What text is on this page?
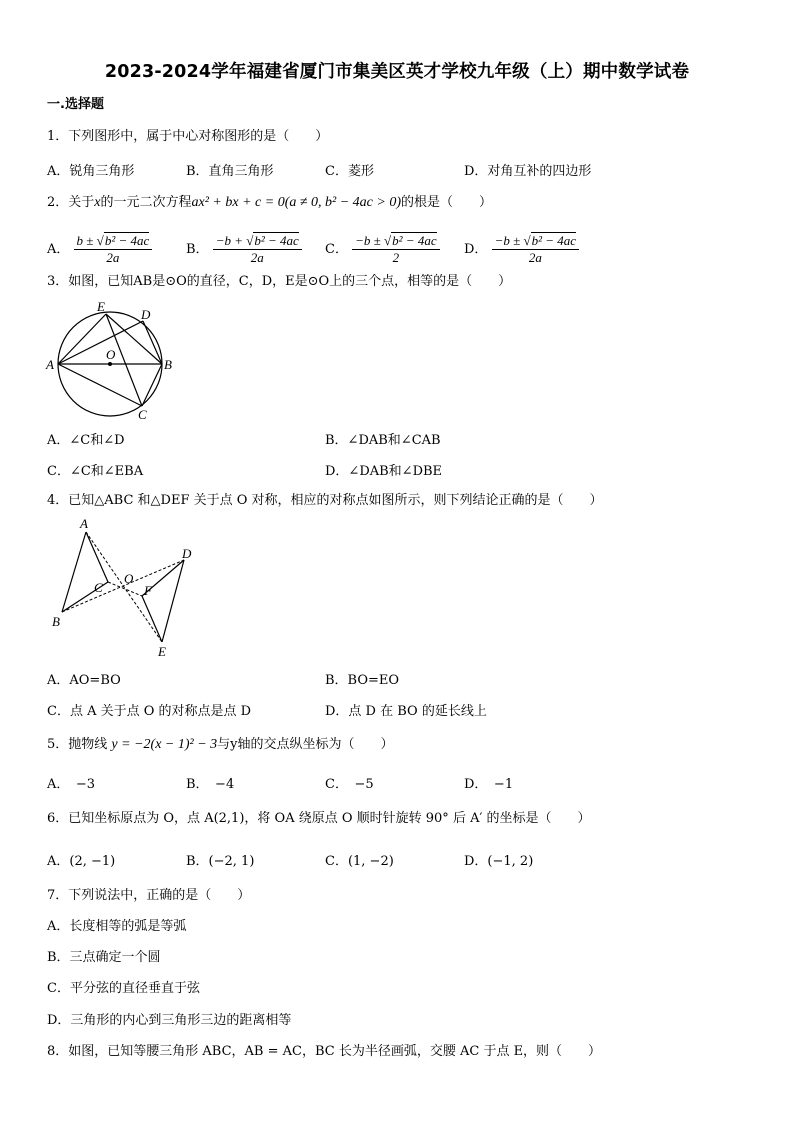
2023-2024学年福建省厦门市集美区英才学校九年级（上）期中数学试卷
一.选择题
1．下列图形中，属于中心对称图形的是（　　）
A．锐角三角形	B．直角三角形	C．菱形	D．对角互补的四边形
2．关于x的一元二次方程ax² + bx + c = 0(a ≠ 0, b² − 4ac > 0)的根是（　　）
A． $\frac{\text{b ± √b² − 4ac}}{2a}$	B． $\frac{\text{−b + √b² − 4ac}}{2a}$ C． $\frac{\text{−b ± √b² − 4ac}}{2}$ D． $\frac{\text{−b ± √b² − 4ac}}{2a}$
3．如图，已知AB是⊙O的直径，C，D，E是⊙O上的三个点，相等的是（　　）
E
D
A	B
O
C
A．∠C和∠D	B．∠DAB和∠CAB
C．∠C和∠EBA	D．∠DAB和∠DBE
4．已知△ABC 和△DEF 关于点 O 对称，相应的对称点如图所示，则下列结论正确的是（　　）
A
B
C
O
F
D
E
A．AO=BO	B．BO=EO
C．点 A 关于点 O 的对称点是点 D	D．点 D 在 BO 的延长线上
5．抛物线 y = −2(x − 1)² − 3与y轴的交点纵坐标为（　　）
A．　−3	B．　−4	C．　−5	D．　−1
6．已知坐标原点为 O，点 A(2,1)，将 OA 绕原点 O 顺时针旋转 90° 后 A′ 的坐标是（　　）
A．(2, −1)	B．(−2, 1)	C．(1, −2)	D．(−1, 2)
7．下列说法中，正确的是（　　）
A．长度相等的弧是等弧
B．三点确定一个圆
C．平分弦的直径垂直于弦
D．三角形的内心到三角形三边的距离相等
8．如图，已知等腰三角形 ABC，AB = AC，BC 长为半径画弧，交腰 AC 于点 E，则（　　）
